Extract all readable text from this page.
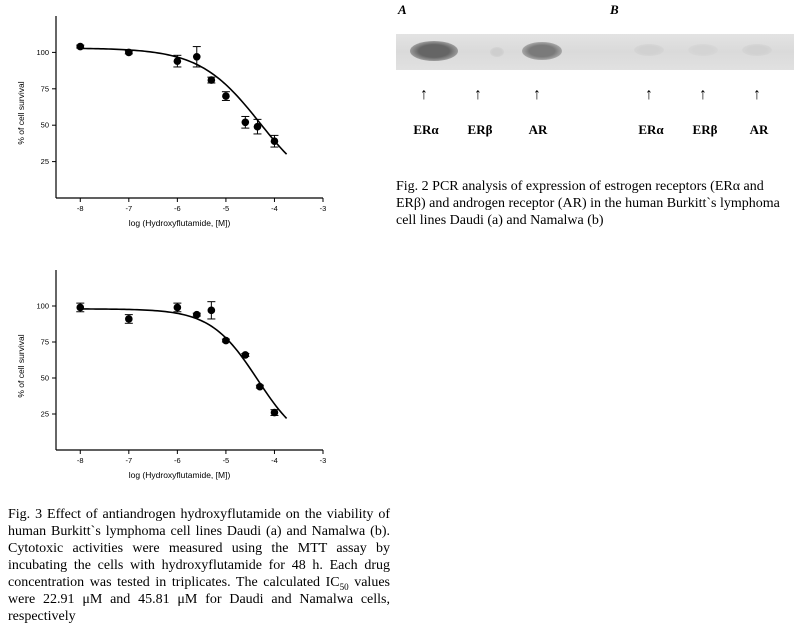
25
50
75
100
-8	-7	-6	-5	-4	-3
log (Hydroxyflutamide, [M])
% of cell survival
25
50
75
100
-8	-7	-6	-5	-4	-3
log (Hydroxyflutamide, [M])
% of cell survival
A	B
↑	↑	↑	↑	↑	↑
ERα	ERβ	AR	ERα	ERβ	AR
Fig. 2 PCR analysis of expression of estrogen receptors (ERα and ERβ) and androgen receptor (AR) in the human Burkitt`s lymphoma cell lines Daudi (a) and Namalwa (b)
Fig. 3 Effect of antiandrogen hydroxyflutamide on the viability of human Burkitt`s lymphoma cell lines Daudi (a) and Namalwa (b). Cytotoxic activities were measured using the MTT assay by incubating the cells with hydroxyflutamide for 48 h. Each drug concentration was tested in triplicates. The calculated $IC_{50}$ values were 22.91 μM and 45.81 μM for Daudi and Namalwa cells, respectively
